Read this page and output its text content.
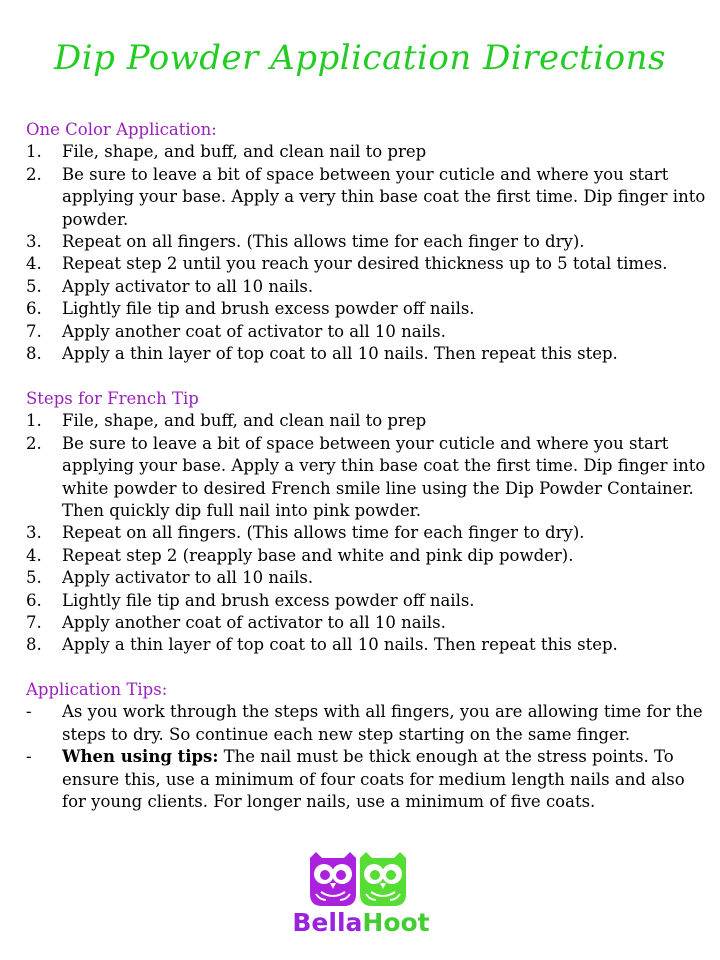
Dip Powder Application Directions
One Color Application:
1.	File, shape, and buff, and clean nail to prep
2.	Be sure to leave a bit of space between your cuticle and where you start applying your base. Apply a very thin base coat the first time. Dip finger into powder.
3.	Repeat on all fingers. (This allows time for each finger to dry).
4.	Repeat step 2 until you reach your desired thickness up to 5 total times.
5.	Apply activator to all 10 nails.
6.	Lightly file tip and brush excess powder off nails.
7.	Apply another coat of activator to all 10 nails.
8.	Apply a thin layer of top coat to all 10 nails. Then repeat this step.
Steps for French Tip
1.	File, shape, and buff, and clean nail to prep
2.	Be sure to leave a bit of space between your cuticle and where you start applying your base. Apply a very thin base coat the first time. Dip finger into white powder to desired French smile line using the Dip Powder Container. Then quickly dip full nail into pink powder.
3.	Repeat on all fingers. (This allows time for each finger to dry).
4.	Repeat step 2 (reapply base and white and pink dip powder).
5.	Apply activator to all 10 nails.
6.	Lightly file tip and brush excess powder off nails.
7.	Apply another coat of activator to all 10 nails.
8.	Apply a thin layer of top coat to all 10 nails. Then repeat this step.
Application Tips:
-	As you work through the steps with all fingers, you are allowing time for the steps to dry. So continue each new step starting on the same finger.
-	When using tips: The nail must be thick enough at the stress points. To ensure this, use a minimum of four coats for medium length nails and also for young clients. For longer nails, use a minimum of five coats.
BellaHoot
